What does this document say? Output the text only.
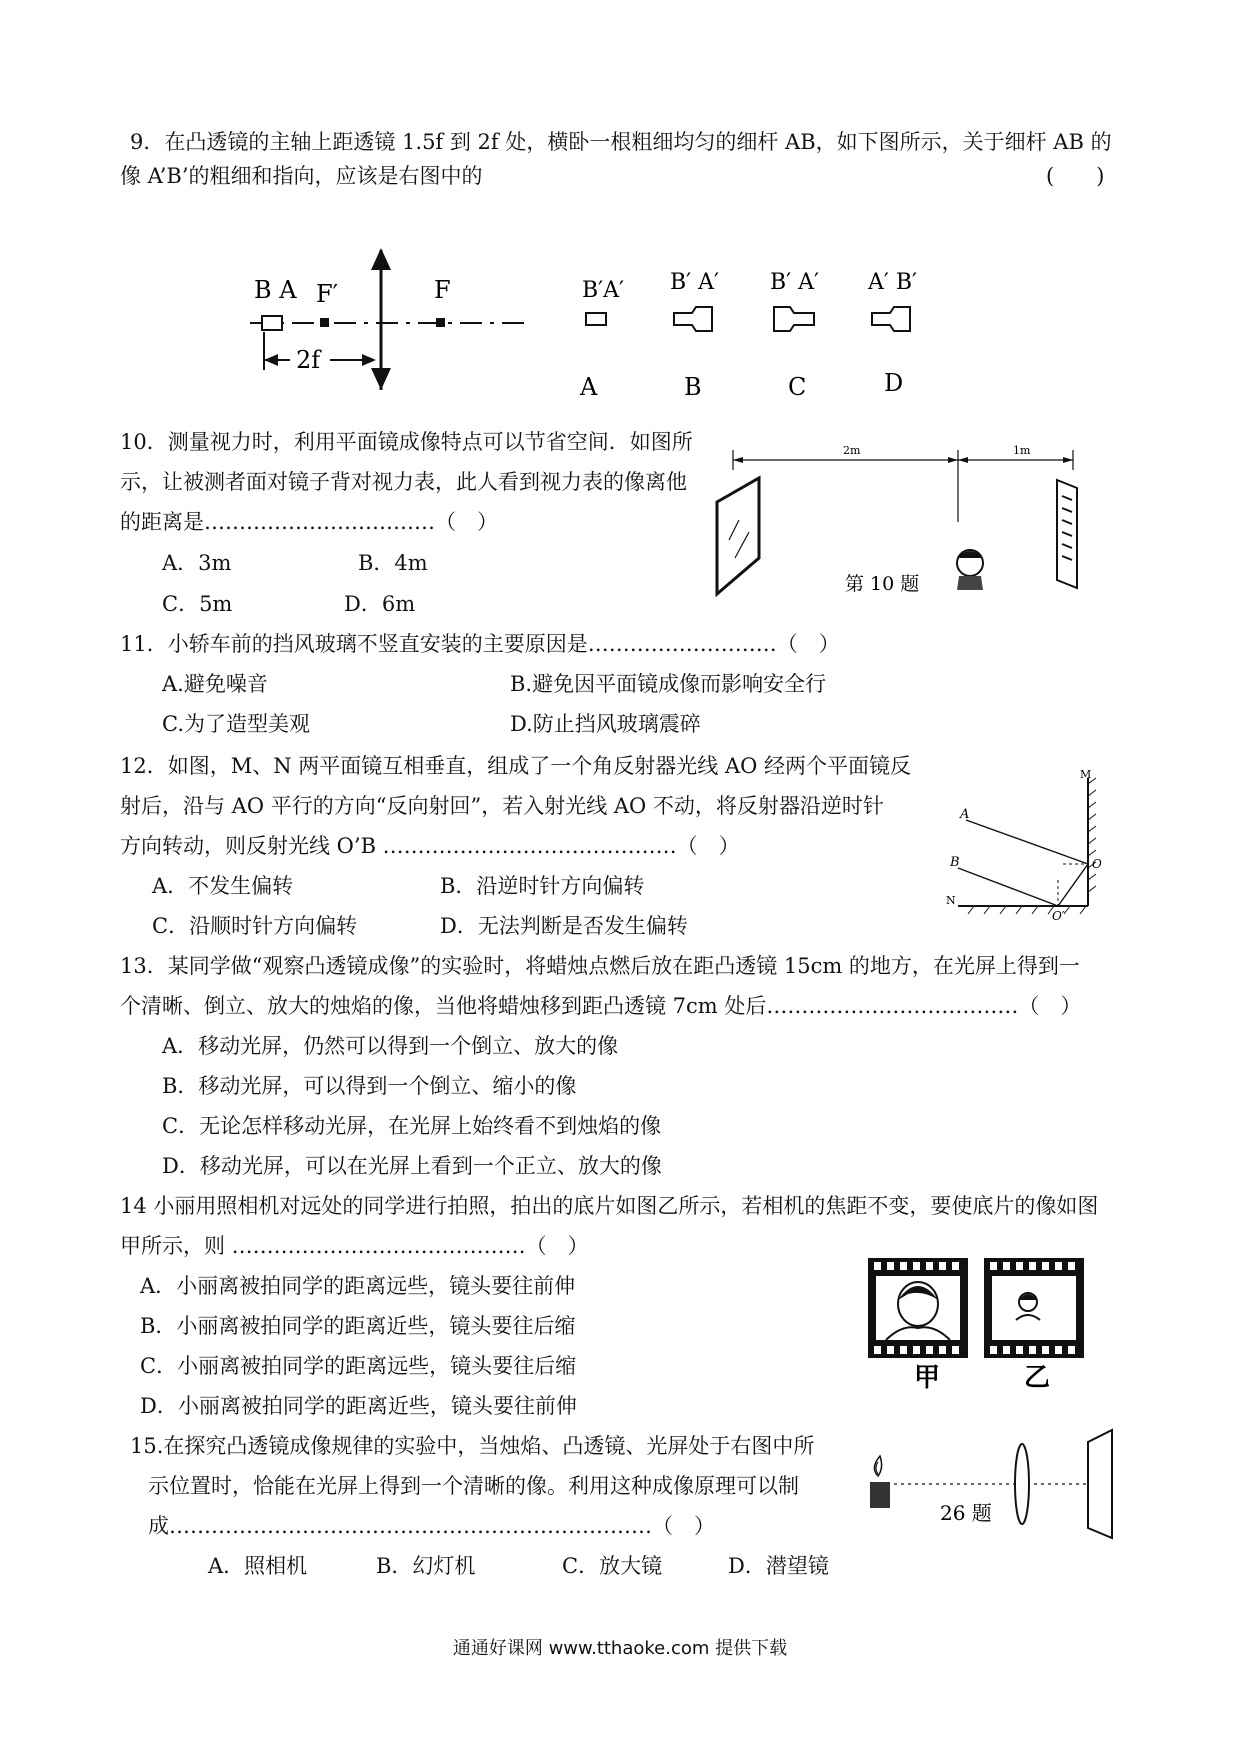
9．在凸透镜的主轴上距透镜 1.5f 到 2f 处，横卧一根粗细均匀的细杆 AB，如下图所示，关于细杆 AB 的
像 A’B’的粗细和指向，应该是右图中的	(　　)
B A F′	F
2f
B′A′
A
B′ A′
B
B′ A′
C
A′ B′
D
10．测量视力时，利用平面镜成像特点可以节省空间．如图所
示，让被测者面对镜子背对视力表，此人看到视力表的像离他
的距离是……………………………（　）
A．3m	B．4m
C．5m	D．6m
2m	1m
第 10 题
11．小轿车前的挡风玻璃不竖直安装的主要原因是………………………（　）
A.避免噪音	B.避免因平面镜成像而影响安全行
C.为了造型美观	D.防止挡风玻璃震碎
12．如图，M、N 两平面镜互相垂直，组成了一个角反射器光线 AO 经两个平面镜反
射后，沿与 AO 平行的方向“反向射回”，若入射光线 AO 不动，将反射器沿逆时针
方向转动，则反射光线 O’B ……………………………………（　）
A．不发生偏转	B．沿逆时针方向偏转
C．沿顺时针方向偏转	D．无法判断是否发生偏转
M
A
B
N
O
O′
13．某同学做“观察凸透镜成像”的实验时，将蜡烛点燃后放在距凸透镜 15cm 的地方，在光屏上得到一
个清晰、倒立、放大的烛焰的像，当他将蜡烛移到距凸透镜 7cm 处后………………………………（　）
A．移动光屏，仍然可以得到一个倒立、放大的像
B．移动光屏，可以得到一个倒立、缩小的像
C．无论怎样移动光屏，在光屏上始终看不到烛焰的像
D．移动光屏，可以在光屏上看到一个正立、放大的像
14 小丽用照相机对远处的同学进行拍照，拍出的底片如图乙所示，若相机的焦距不变，要使底片的像如图
甲所示，则 ……………………………………（　）
A．小丽离被拍同学的距离远些，镜头要往前伸
B．小丽离被拍同学的距离近些，镜头要往后缩
C．小丽离被拍同学的距离远些，镜头要往后缩
D．小丽离被拍同学的距离近些，镜头要往前伸
甲	乙
15.在探究凸透镜成像规律的实验中，当烛焰、凸透镜、光屏处于右图中所
示位置时，恰能在光屏上得到一个清晰的像。利用这种成像原理可以制
成……………………………………………………………（　）
A．照相机	B．幻灯机	C．放大镜	D．潜望镜
26 题
通通好课网 www.tthaoke.com 提供下载
